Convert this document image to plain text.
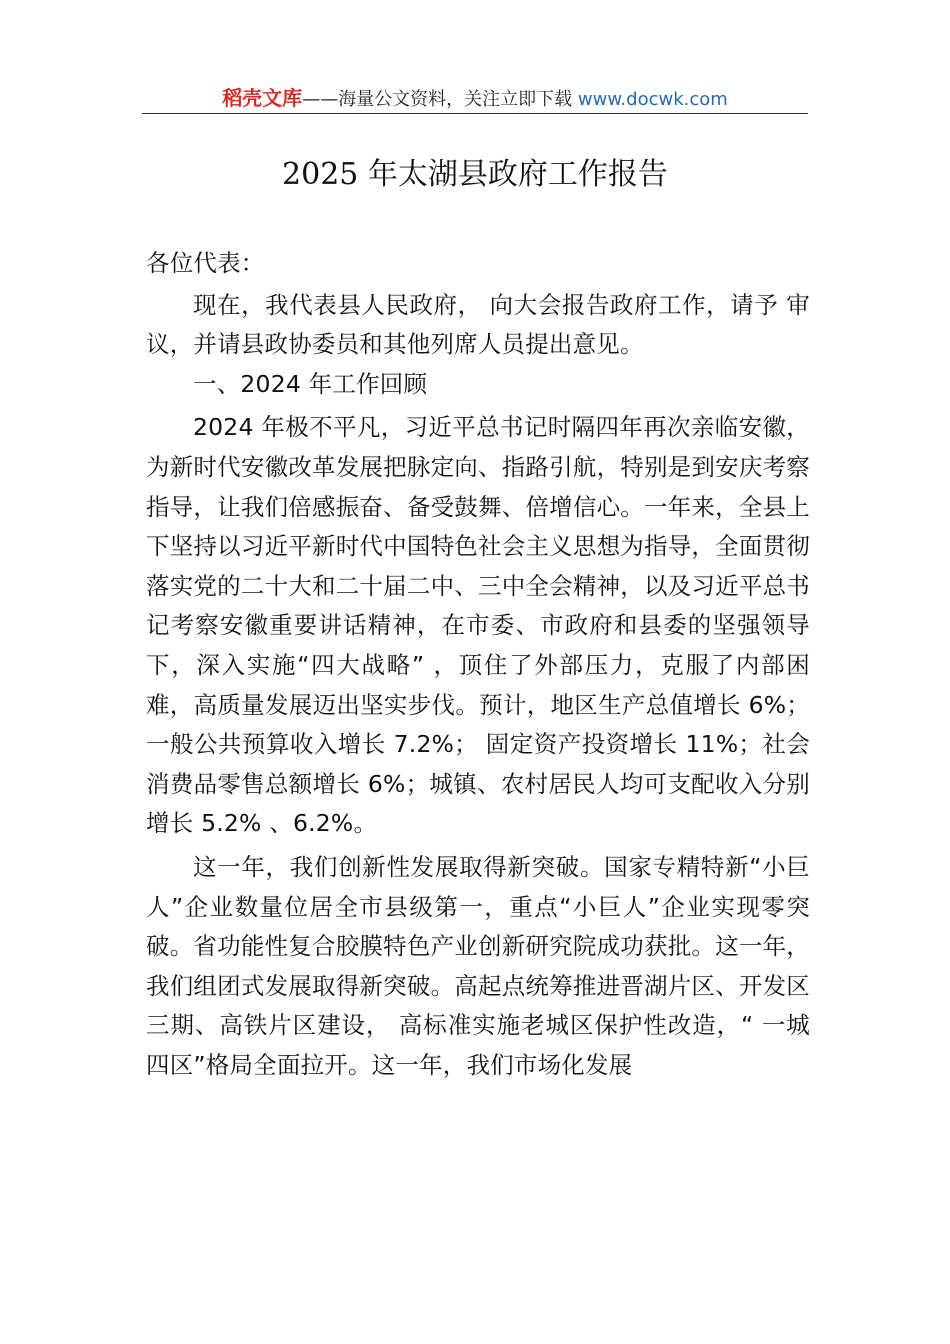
稻壳文库——海量公文资料，关注立即下载 www.docwk.com
2025 年太湖县政府工作报告

各位代表：

现在，我代表县人民政府， 向大会报告政府工作，请予 审议，并请县政协委员和其他列席人员提出意见。

一、2024 年工作回顾

2024 年极不平凡，习近平总书记时隔四年再次亲临安徽，为新时代安徽改革发展把脉定向、指路引航，特别是到安庆考察指导，让我们倍感振奋、备受鼓舞、倍增信心。一年来，全县上下坚持以习近平新时代中国特色社会主义思想为指导，全面贯彻落实党的二十大和二十届二中、三中全会精神，以及习近平总书记考察安徽重要讲话精神，在市委、市政府和县委的坚强领导下，深入实施“四大战略” ，顶住了外部压力，克服了内部困难，高质量发展迈出坚实步伐。预计，地区生产总值增长 6%；一般公共预算收入增长 7.2%； 固定资产投资增长 11%；社会消费品零售总额增长 6%；城镇、农村居民人均可支配收入分别增长 5.2% 、6.2%。

这一年，我们创新性发展取得新突破。国家专精特新“小巨人”企业数量位居全市县级第一，重点“小巨人”企业实现零突破。省功能性复合胶膜特色产业创新研究院成功获批。这一年，我们组团式发展取得新突破。高起点统筹推进晋湖片区、开发区三期、高铁片区建设， 高标准实施老城区保护性改造，“ 一城四区”格局全面拉开。这一年，我们市场化发展
